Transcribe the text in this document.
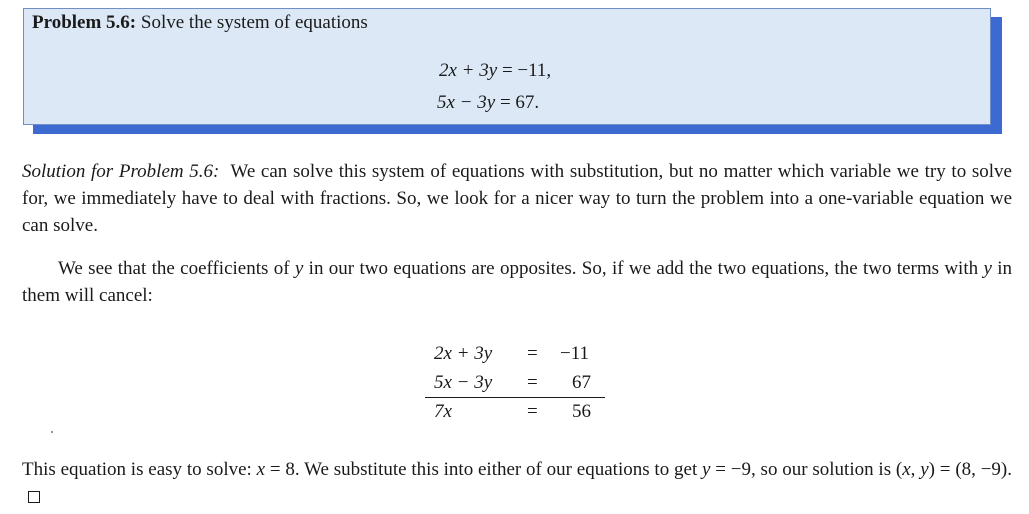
Problem 5.6: Solve the system of equations
2x + 3y = −11,
5x − 3y = 67.
Solution for Problem 5.6: We can solve this system of equations with substitution, but no matter which variable we try to solve for, we immediately have to deal with fractions. So, we look for a nicer way to turn the problem into a one-variable equation we can solve.
We see that the coefficients of y in our two equations are opposites. So, if we add the two equations, the two terms with y in them will cancel:
2x + 3y = −11
5x − 3y = 67
7x	= 56
This equation is easy to solve: x = 8. We substitute this into either of our equations to get y = −9, so our solution is (x, y) = (8, −9).
